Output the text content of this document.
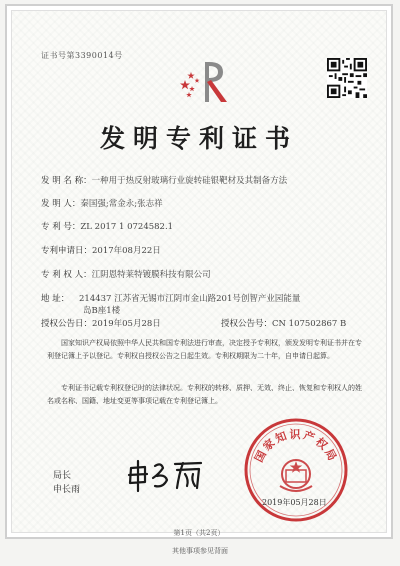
证书号第3390014号
发明专利证书
发 明 名 称：一种用于热反射玻璃行业旋转硅银靶材及其制备方法
发 明 人：秦国强;常金永;张志祥
专 利 号：ZL 2017 1 0724582.1
专利申请日：2017年08月22日
专 利 权 人：江阴恩特莱特镀膜科技有限公司
地 址： 214437 江苏省无锡市江阴市金山路201号创智产业园能量
岛B座1楼
授权公告日：2019年05月28日	授权公告号：CN 107502867 B
国家知识产权局依照中华人民共和国专利法进行审查，决定授予专利权，颁发发明专利证书并在专利登记簿上予以登记。专利权自授权公告之日起生效。专利权期限为二十年，自申请日起算。
专利证书记载专利权登记时的法律状况。专利权的转移、质押、无效、终止、恢复和专利权人的姓名或名称、国籍、地址变更等事项记载在专利登记簿上。
局长
申长雨
国家知识产权局
2019年05月28日
第1页（共2页）
其他事项参见背面
